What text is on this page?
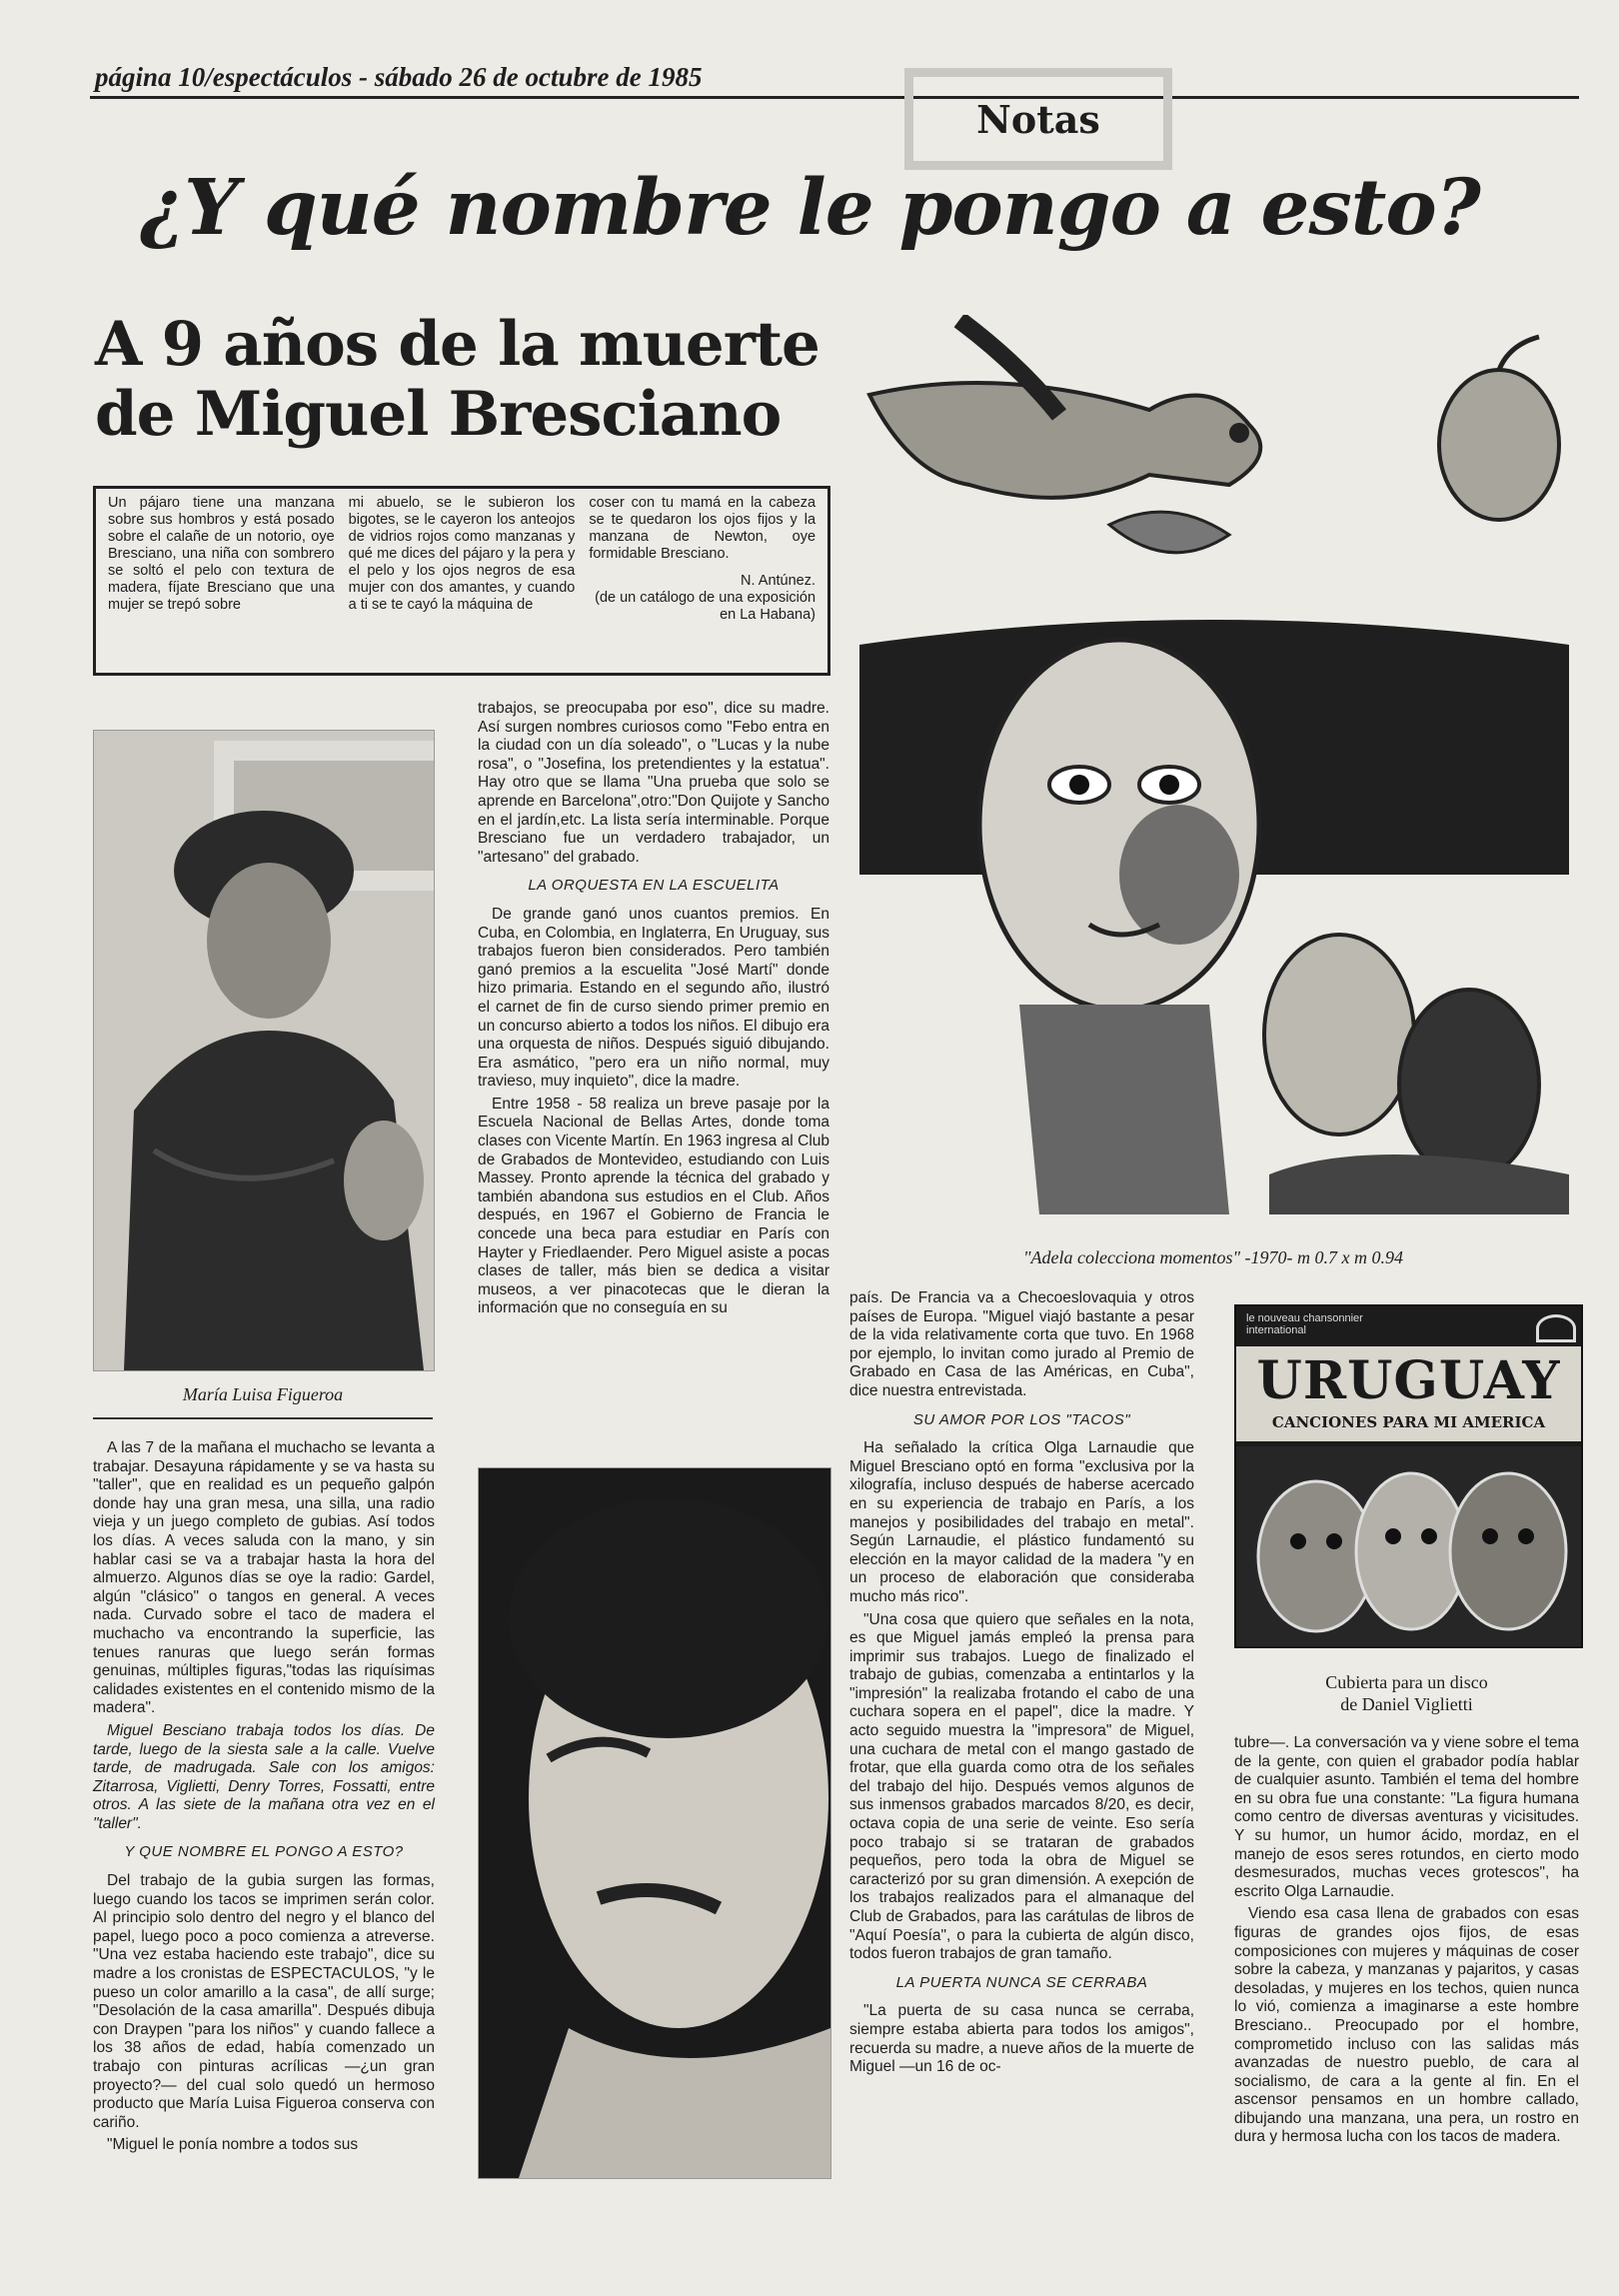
página 10/espectáculos - sábado 26 de octubre de 1985
Notas
¿Y qué nombre le pongo a esto?
A 9 años de la muerte
de Miguel Bresciano
Un pájaro tiene una manzana sobre sus hombros y está posado sobre el calañe de un notorio, oye Bresciano, una niña con sombrero se soltó el pelo con textura de madera, fíjate Bresciano que una mujer se trepó sobre
mi abuelo, se le subieron los bigotes, se le cayeron los anteojos de vidrios rojos como manzanas y qué me dices del pájaro y la pera y el pelo y los ojos negros de esa mujer con dos amantes, y cuando a ti se te cayó la máquina de
coser con tu mamá en la cabeza se te quedaron los ojos fijos y la manzana de Newton, oye formidable Bresciano.
N. Antúnez.
(de un catálogo de una exposición en La Habana)
María Luisa Figueroa

A las 7 de la mañana el muchacho se levanta a trabajar. Desayuna rápidamente y se va hasta su "taller", que en realidad es un pequeño galpón donde hay una gran mesa, una silla, una radio vieja y un juego completo de gubias. Así todos los días. A veces saluda con la mano, y sin hablar casi se va a trabajar hasta la hora del almuerzo. Algunos días se oye la radio: Gardel, algún "clásico" o tangos en general. A veces nada. Curvado sobre el taco de madera el muchacho va encontrando la superficie, las tenues ranuras que luego serán formas genuinas, múltiples figuras,"todas las riquísimas calidades existentes en el contenido mismo de la madera".

Miguel Besciano trabaja todos los días. De tarde, luego de la siesta sale a la calle. Vuelve tarde, de madrugada. Sale con los amigos: Zitarrosa, Viglietti, Denry Torres, Fossatti, entre otros. A las siete de la mañana otra vez en el "taller".

Y QUE NOMBRE EL PONGO A ESTO?

Del trabajo de la gubia surgen las formas, luego cuando los tacos se imprimen serán color. Al principio solo dentro del negro y el blanco del papel, luego poco a poco comienza a atreverse. "Una vez estaba haciendo este trabajo", dice su madre a los cronistas de ESPECTACULOS, "y le pueso un color amarillo a la casa", de allí surge; "Desolación de la casa amarilla". Después dibuja con Draypen "para los niños" y cuando fallece a los 38 años de edad, había comenzado un trabajo con pinturas acrílicas —¿un gran proyecto?— del cual solo quedó un hermoso producto que María Luisa Figueroa conserva con cariño.

"Miguel le ponía nombre a todos sus

trabajos, se preocupaba por eso", dice su madre. Así surgen nombres curiosos como "Febo entra en la ciudad con un día soleado", o "Lucas y la nube rosa", o "Josefina, los pretendientes y la estatua". Hay otro que se llama "Una prueba que solo se aprende en Barcelona",otro:"Don Quijote y Sancho en el jardín,etc. La lista sería interminable. Porque Bresciano fue un verdadero trabajador, un "artesano" del grabado.

LA ORQUESTA EN LA ESCUELITA

De grande ganó unos cuantos premios. En Cuba, en Colombia, en Inglaterra, En Uruguay, sus trabajos fueron bien considerados. Pero también ganó premios a la escuelita "José Martí" donde hizo primaria. Estando en el segundo año, ilustró el carnet de fin de curso siendo primer premio en un concurso abierto a todos los niños. El dibujo era una orquesta de niños. Después siguió dibujando. Era asmático, "pero era un niño normal, muy travieso, muy inquieto", dice la madre.

Entre 1958 - 58 realiza un breve pasaje por la Escuela Nacional de Bellas Artes, donde toma clases con Vicente Martín. En 1963 ingresa al Club de Grabados de Montevideo, estudiando con Luis Massey. Pronto aprende la técnica del grabado y también abandona sus estudios en el Club. Años después, en 1967 el Gobierno de Francia le concede una beca para estudiar en París con Hayter y Friedlaender. Pero Miguel asiste a pocas clases de taller, más bien se dedica a visitar museos, a ver pinacotecas que le dieran la información que no conseguía en su

"Adela colecciona momentos" -1970- m 0.7 x m 0.94

país. De Francia va a Checoeslovaquia y otros países de Europa. "Miguel viajó bastante a pesar de la vida relativamente corta que tuvo. En 1968 por ejemplo, lo invitan como jurado al Premio de Grabado en Casa de las Américas, en Cuba", dice nuestra entrevistada.

SU AMOR POR LOS "TACOS"

Ha señalado la crítica Olga Larnaudie que Miguel Bresciano optó en forma "exclusiva por la xilografía, incluso después de haberse acercado en su experiencia de trabajo en París, a los manejos y posibilidades del trabajo en metal". Según Larnaudie, el plástico fundamentó su elección en la mayor calidad de la madera "y en un proceso de elaboración que consideraba mucho más rico".

"Una cosa que quiero que señales en la nota, es que Miguel jamás empleó la prensa para imprimir sus trabajos. Luego de finalizado el trabajo de gubias, comenzaba a entintarlos y la "impresión" la realizaba frotando el cabo de una cuchara sopera en el papel", dice la madre. Y acto seguido muestra la "impresora" de Miguel, una cuchara de metal con el mango gastado de frotar, que ella guarda como otra de los señales del trabajo del hijo. Después vemos algunos de sus inmensos grabados marcados 8/20, es decir, octava copia de una serie de veinte. Eso sería poco trabajo si se trataran de grabados pequeños, pero toda la obra de Miguel se caracterizó por su gran dimensión. A exepción de los trabajos realizados para el almanaque del Club de Grabados, para las carátulas de libros de "Aquí Poesía", o para la cubierta de algún disco, todos fueron trabajos de gran tamaño.

LA PUERTA NUNCA SE CERRABA

"La puerta de su casa nunca se cerraba, siempre estaba abierta para todos los amigos", recuerda su madre, a nueve años de la muerte de Miguel —un 16 de oc-

le nouveau chansonnier international
URUGUAY
CANCIONES PARA MI AMERICA
Cubierta para un disco
de Daniel Viglietti

tubre—. La conversación va y viene sobre el tema de la gente, con quien el grabador podía hablar de cualquier asunto. También el tema del hombre en su obra fue una constante: "La figura humana como centro de diversas aventuras y vicisitudes. Y su humor, un humor ácido, mordaz, en el manejo de esos seres rotundos, en cierto modo desmesurados, muchas veces grotescos", ha escrito Olga Larnaudie.

Viendo esa casa llena de grabados con esas figuras de grandes ojos fijos, de esas composiciones con mujeres y máquinas de coser sobre la cabeza, y manzanas y pajaritos, y casas desoladas, y mujeres en los techos, quien nunca lo vió, comienza a imaginarse a este hombre Bresciano.. Preocupado por el hombre, comprometido incluso con las salidas más avanzadas de nuestro pueblo, de cara al socialismo, de cara a la gente al fin. En el ascensor pensamos en un hombre callado, dibujando una manzana, una pera, un rostro en dura y hermosa lucha con los tacos de madera.
